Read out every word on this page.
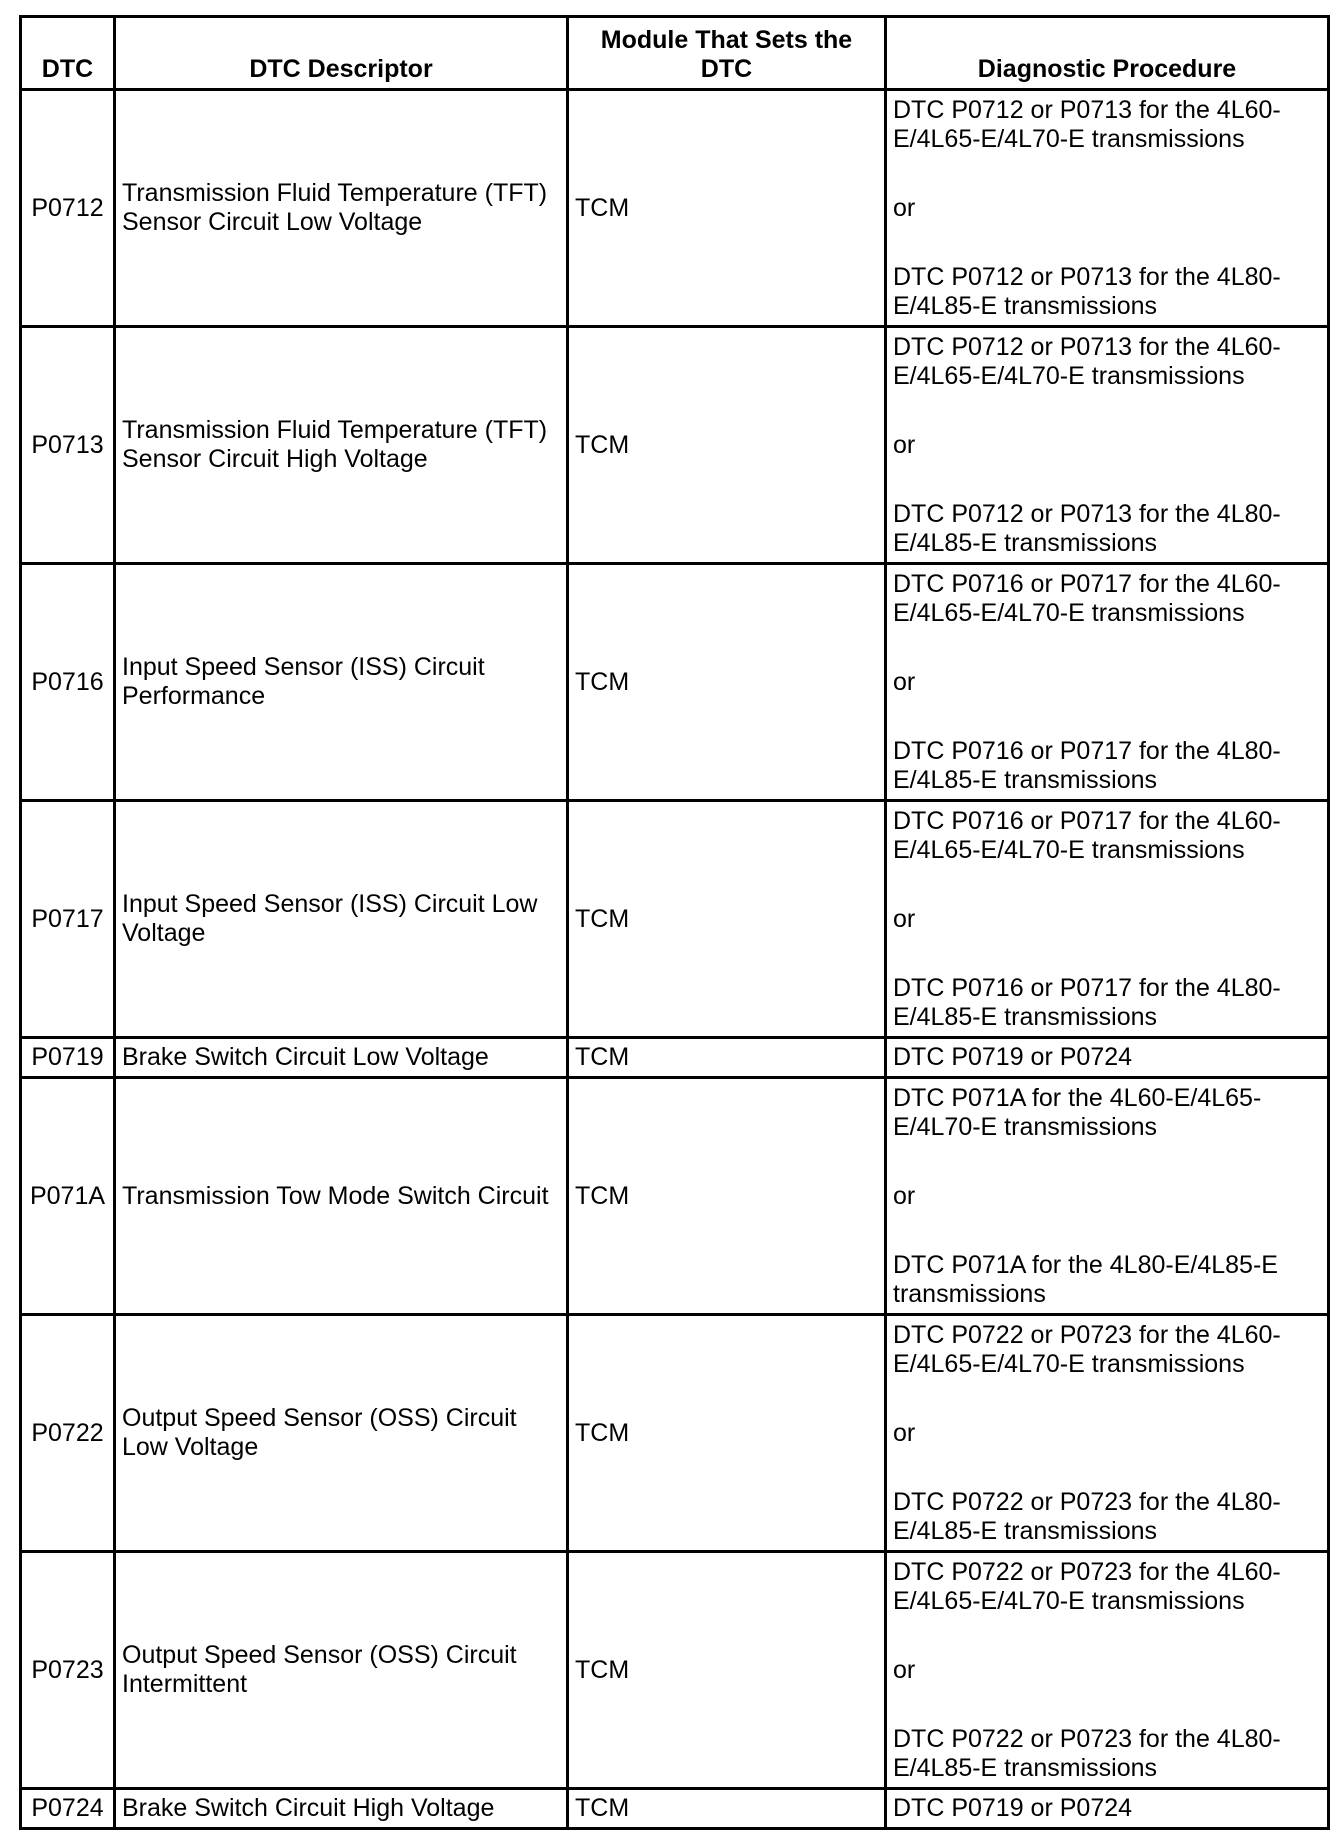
DTC	DTC Descriptor	Module That Sets the DTC	Diagnostic Procedure
P0712	Transmission Fluid Temperature (TFT) Sensor Circuit Low Voltage	TCM	DTC P0712 or P0713 for the 4L60-E/4L65-E/4L70-E transmissions
or
DTC P0712 or P0713 for the 4L80-E/4L85-E transmissions

P0713	Transmission Fluid Temperature (TFT) Sensor Circuit High Voltage	TCM	DTC P0712 or P0713 for the 4L60-E/4L65-E/4L70-E transmissions
or
DTC P0712 or P0713 for the 4L80-E/4L85-E transmissions

P0716	Input Speed Sensor (ISS) Circuit Performance	TCM	DTC P0716 or P0717 for the 4L60-E/4L65-E/4L70-E transmissions
or
DTC P0716 or P0717 for the 4L80-E/4L85-E transmissions

P0717	Input Speed Sensor (ISS) Circuit Low Voltage	TCM	DTC P0716 or P0717 for the 4L60-E/4L65-E/4L70-E transmissions
or
DTC P0716 or P0717 for the 4L80-E/4L85-E transmissions

P0719	Brake Switch Circuit Low Voltage	TCM	DTC P0719 or P0724
P071A	Transmission Tow Mode Switch Circuit	TCM	DTC P071A for the 4L60-E/4L65-E/4L70-E transmissions
or
DTC P071A for the 4L80-E/4L85-E transmissions

P0722	Output Speed Sensor (OSS) Circuit Low Voltage	TCM	DTC P0722 or P0723 for the 4L60-E/4L65-E/4L70-E transmissions
or
DTC P0722 or P0723 for the 4L80-E/4L85-E transmissions

P0723	Output Speed Sensor (OSS) Circuit Intermittent	TCM	DTC P0722 or P0723 for the 4L60-E/4L65-E/4L70-E transmissions
or
DTC P0722 or P0723 for the 4L80-E/4L85-E transmissions

P0724	Brake Switch Circuit High Voltage	TCM	DTC P0719 or P0724
